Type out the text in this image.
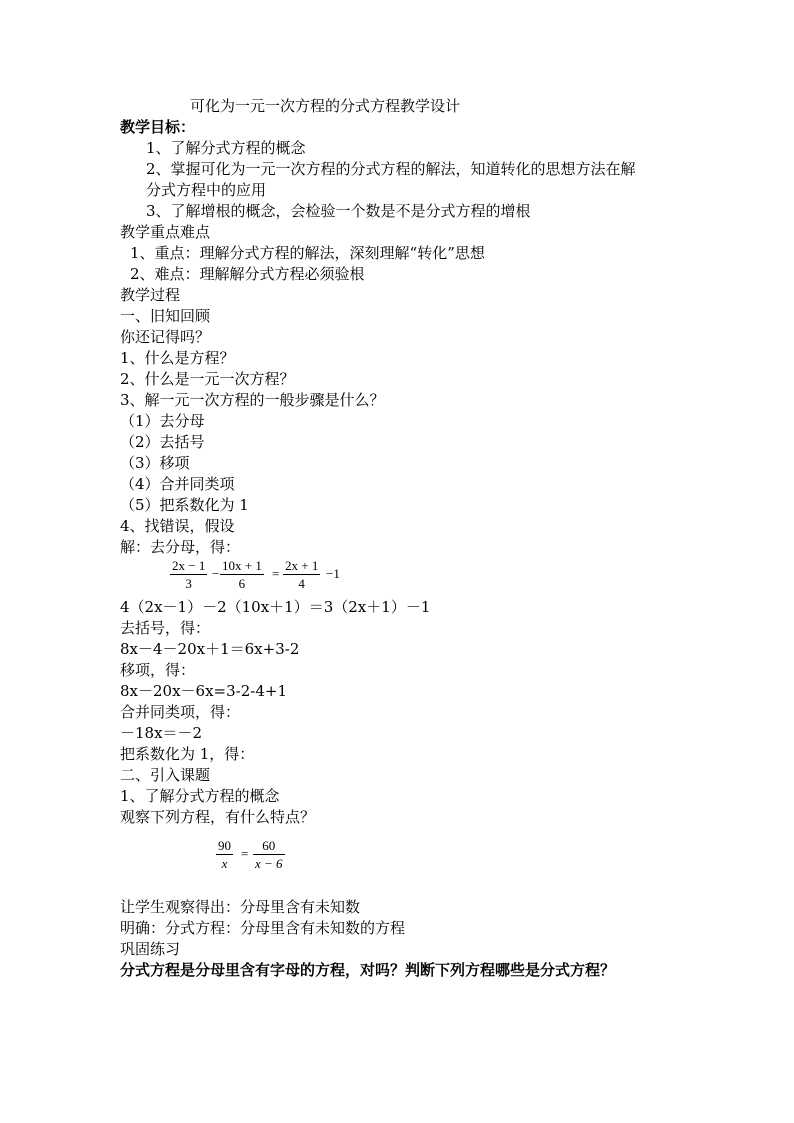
可化为一元一次方程的分式方程教学设计
教学目标：
1、了解分式方程的概念
2、掌握可化为一元一次方程的分式方程的解法，知道转化的思想方法在解
分式方程中的应用
3、了解增根的概念，会检验一个数是不是分式方程的增根
教学重点难点
1、重点：理解分式方程的解法，深刻理解“转化”思想
2、难点：理解解分式方程必须验根
教学过程
一、旧知回顾
你还记得吗？
1、什么是方程？
2、什么是一元一次方程？
3、解一元一次方程的一般步骤是什么？
（1）去分母
（2）去括号
（3）移项
（4）合并同类项
（5）把系数化为 1
4、找错误，假设
解：去分母，得：
2x − 1
3
−
10x + 1
6
=
2x + 1
4
−1
4（2x－1）－2（10x＋1）＝3（2x＋1）－1
去括号，得：
8x－4－20x＋1＝6x+3-2
移项，得：
8x－20x－6x=3-2-4+1
合并同类项，得：
－18x＝－2
把系数化为 1，得：
二、引入课题
1、了解分式方程的概念
观察下列方程，有什么特点？
90
x
=
60
x − 6
让学生观察得出：分母里含有未知数
明确：分式方程：分母里含有未知数的方程
巩固练习
分式方程是分母里含有字母的方程，对吗？判断下列方程哪些是分式方程？
